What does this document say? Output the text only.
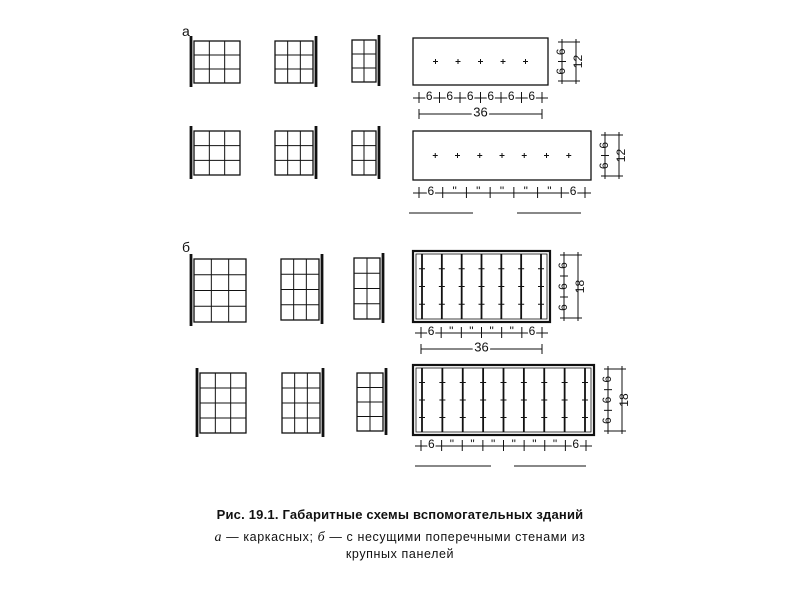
а
б
6
6
12
6 6 6 6 6 6
36
6
6
12
6 " " " " " 6
6
6
6
18
6 " " " " 6
36
6
6
6
18
6 " " " " " " 6
Рис. 19.1. Габаритные схемы вспомогательных зданий
а — каркасных; б — с несущими поперечными стенами из
крупных панелей
